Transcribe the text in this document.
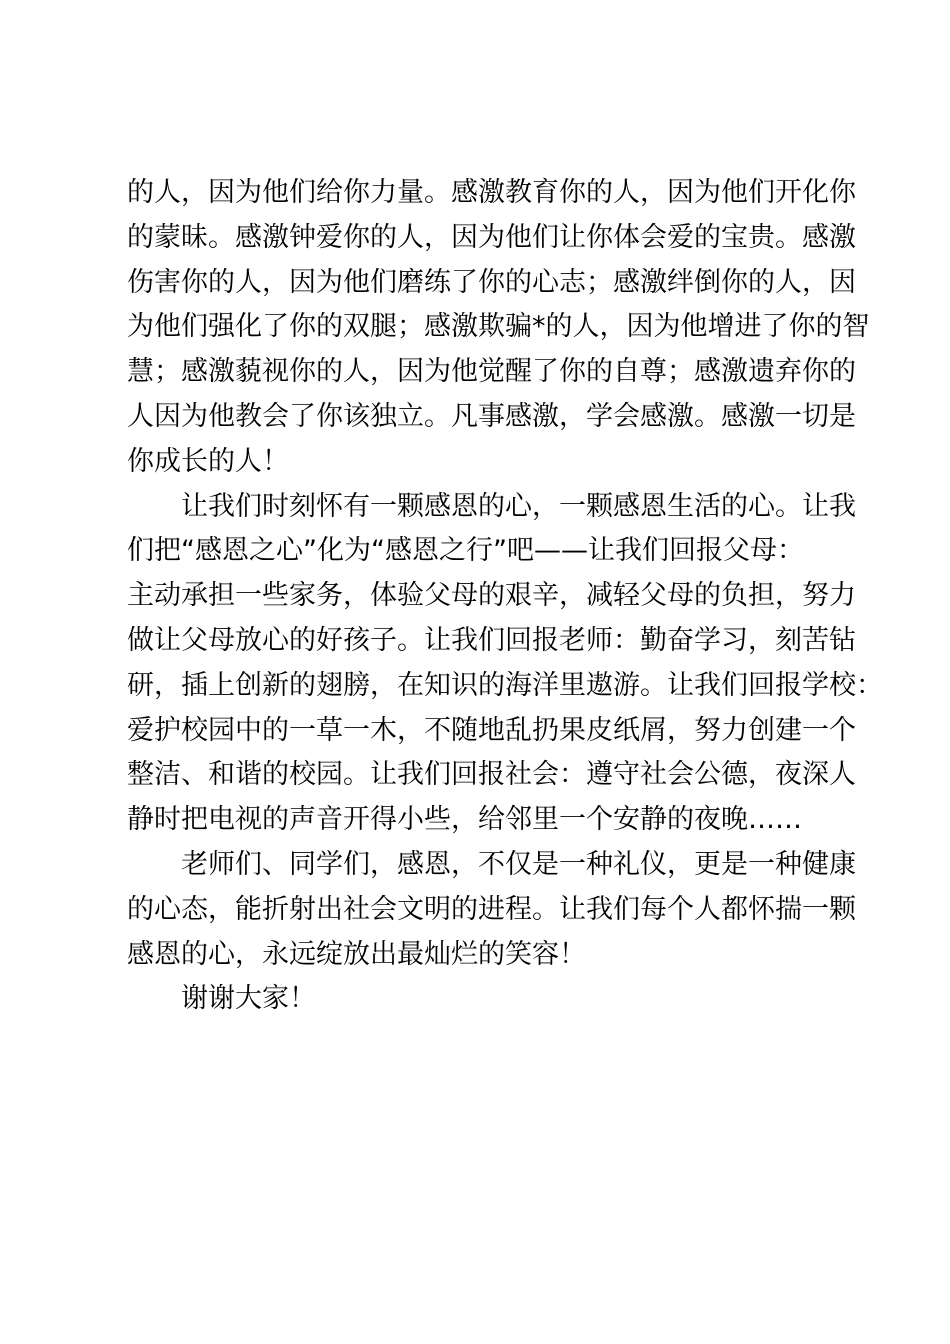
的人，因为他们给你力量。感激教育你的人，因为他们开化你
的蒙昧。感激钟爱你的人，因为他们让你体会爱的宝贵。感激
伤害你的人，因为他们磨练了你的心志；感激绊倒你的人，因
为他们强化了你的双腿；感激欺骗*的人，因为他增进了你的智
慧；感激藐视你的人，因为他觉醒了你的自尊；感激遗弃你的
人因为他教会了你该独立。凡事感激，学会感激。感激一切是
你成长的人！
让我们时刻怀有一颗感恩的心，一颗感恩生活的心。让我
们把“感恩之心”化为“感恩之行”吧——让我们回报父母：
主动承担一些家务，体验父母的艰辛，减轻父母的负担，努力
做让父母放心的好孩子。让我们回报老师：勤奋学习，刻苦钻
研，插上创新的翅膀，在知识的海洋里遨游。让我们回报学校：
爱护校园中的一草一木，不随地乱扔果皮纸屑，努力创建一个
整洁、和谐的校园。让我们回报社会：遵守社会公德，夜深人
静时把电视的声音开得小些，给邻里一个安静的夜晚……
老师们、同学们，感恩，不仅是一种礼仪，更是一种健康
的心态，能折射出社会文明的进程。让我们每个人都怀揣一颗
感恩的心，永远绽放出最灿烂的笑容！
谢谢大家！
